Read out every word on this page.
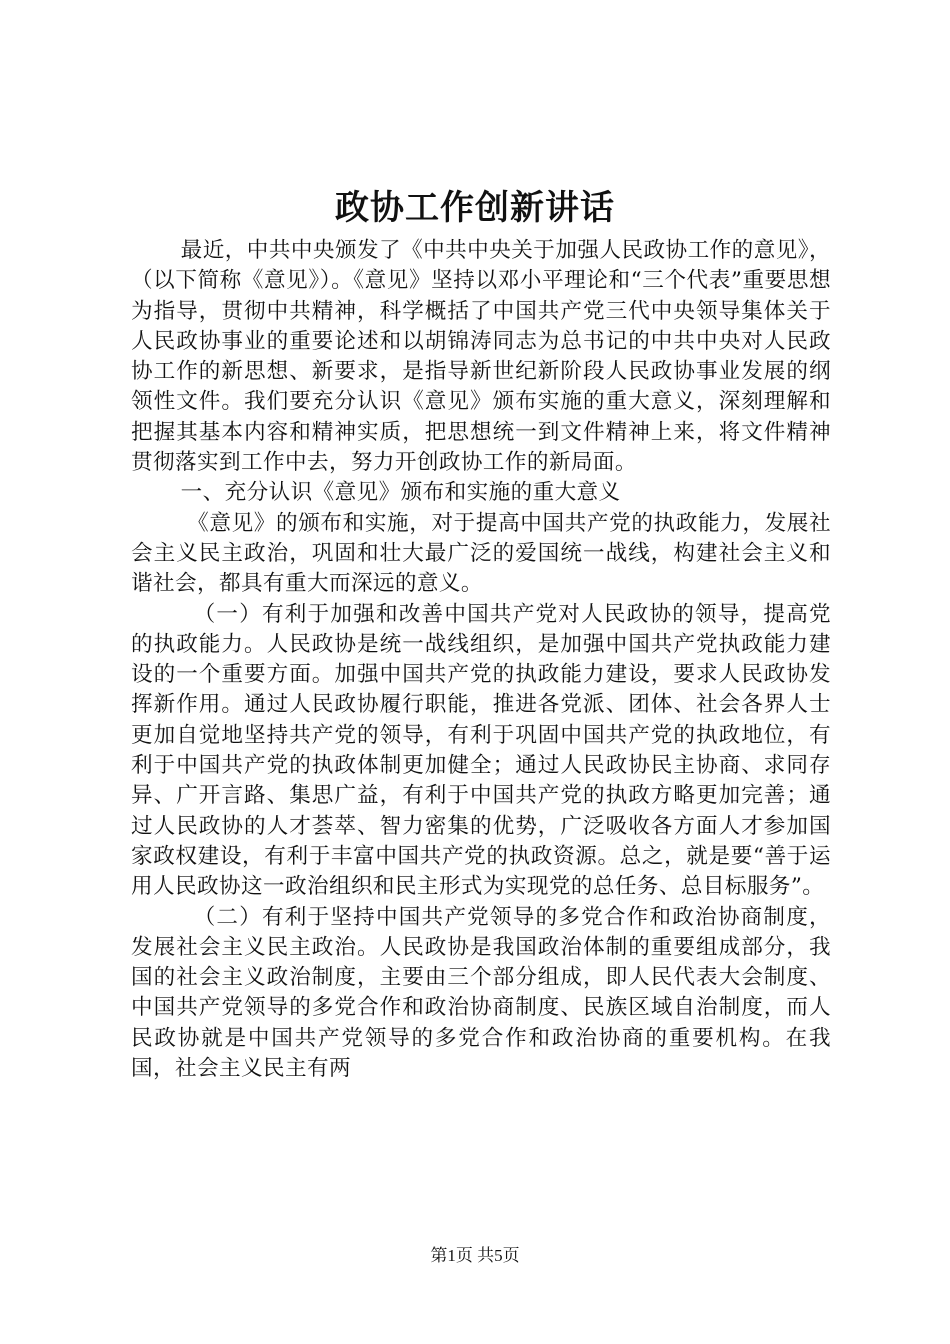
政协工作创新讲话

最近，中共中央颁发了《中共中央关于加强人民政协工作的意见》，（以下简称《意见》）。《意见》坚持以邓小平理论和“三个代表”重要思想为指导，贯彻中共精神，科学概括了中国共产党三代中央领导集体关于人民政协事业的重要论述和以胡锦涛同志为总书记的中共中央对人民政协工作的新思想、新要求，是指导新世纪新阶段人民政协事业发展的纲领性文件。我们要充分认识《意见》颁布实施的重大意义，深刻理解和把握其基本内容和精神实质，把思想统一到文件精神上来，将文件精神贯彻落实到工作中去，努力开创政协工作的新局面。

一、充分认识《意见》颁布和实施的重大意义

《意见》的颁布和实施，对于提高中国共产党的执政能力，发展社会主义民主政治，巩固和壮大最广泛的爱国统一战线，构建社会主义和谐社会，都具有重大而深远的意义。

（一）有利于加强和改善中国共产党对人民政协的领导，提高党的执政能力。人民政协是统一战线组织，是加强中国共产党执政能力建设的一个重要方面。加强中国共产党的执政能力建设，要求人民政协发挥新作用。通过人民政协履行职能，推进各党派、团体、社会各界人士更加自觉地坚持共产党的领导，有利于巩固中国共产党的执政地位，有利于中国共产党的执政体制更加健全；通过人民政协民主协商、求同存异、广开言路、集思广益，有利于中国共产党的执政方略更加完善；通过人民政协的人才荟萃、智力密集的优势，广泛吸收各方面人才参加国家政权建设，有利于丰富中国共产党的执政资源。总之，就是要“善于运用人民政协这一政治组织和民主形式为实现党的总任务、总目标服务”。

（二）有利于坚持中国共产党领导的多党合作和政治协商制度，发展社会主义民主政治。人民政协是我国政治体制的重要组成部分，我国的社会主义政治制度，主要由三个部分组成，即人民代表大会制度、中国共产党领导的多党合作和政治协商制度、民族区域自治制度，而人民政协就是中国共产党领导的多党合作和政治协商的重要机构。在我国，社会主义民主有两

第1页 共5页
